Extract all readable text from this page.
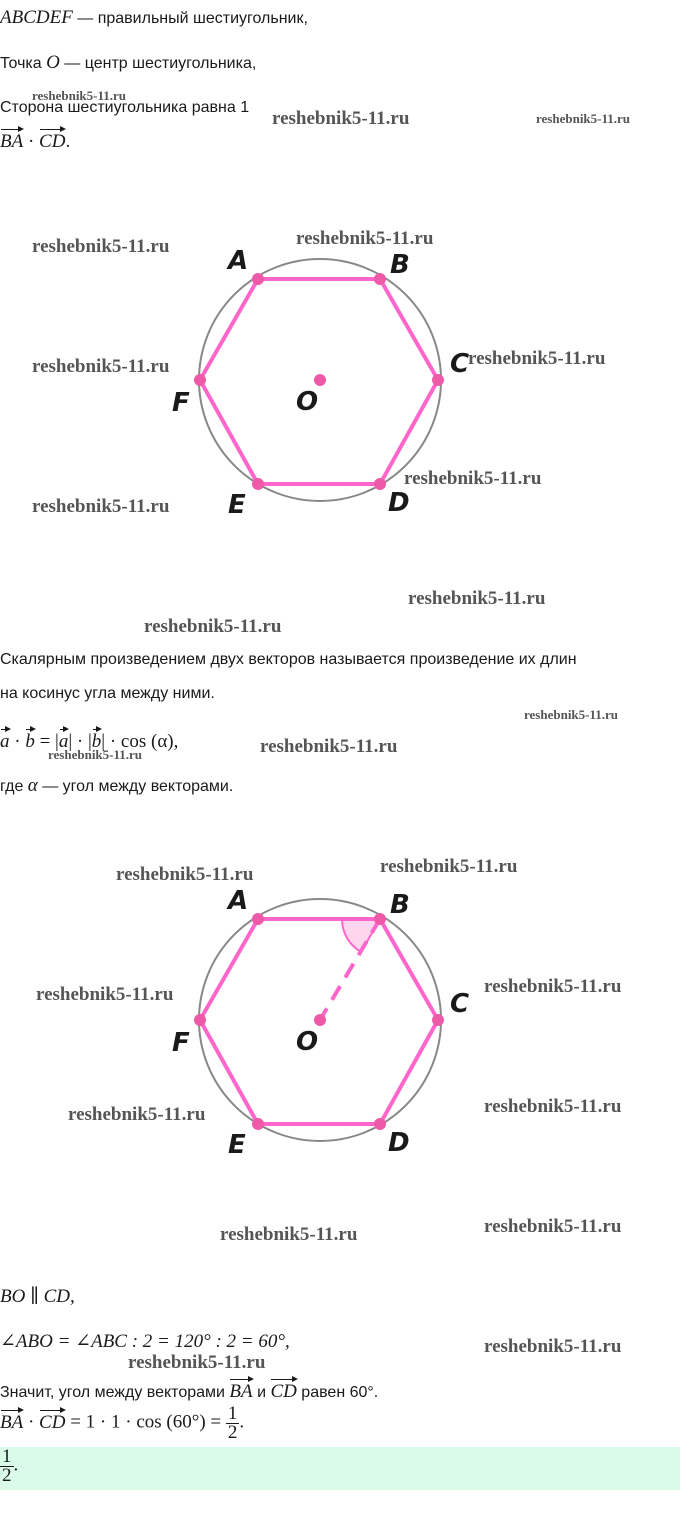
ABCDEF — правильный шестиугольник,
Точка O — центр шестиугольника,
Сторона шестиугольника равна 1
BA · CD.
A	B
C
D
E
F	O
Скалярным произведением двух векторов называется произведение их длин
на косинус угла между ними.
a · b = |a| · |b| · cos (α),
где α — угол между векторами.
A	B
C
D
E
F	O
BO ∥ CD,
∠ABO = ∠ABC : 2 = 120° : 2 = 60°,
Значит, угол между векторами BA и CD равен 60°.
BA · CD = $1 \cdot 1 \cdot \cos (60^\circ) = \frac{1}{2}$ .
$\frac{1}{2}$ .
reshebnik5-11.ru
reshebnik5-11.ru	reshebnik5-11.ru
reshebnik5-11.ru	reshebnik5-11.ru
reshebnik5-11.ru	reshebnik5-11.ru
reshebnik5-11.ru
reshebnik5-11.ru
reshebnik5-11.ru
reshebnik5-11.ru
reshebnik5-11.ru
reshebnik5-11.ru
reshebnik5-11.ru
reshebnik5-11.ru
reshebnik5-11.ru
reshebnik5-11.ru
reshebnik5-11.ru
reshebnik5-11.ru
reshebnik5-11.ru
reshebnik5-11.ru
reshebnik5-11.ru
reshebnik5-11.ru
reshebnik5-11.ru
